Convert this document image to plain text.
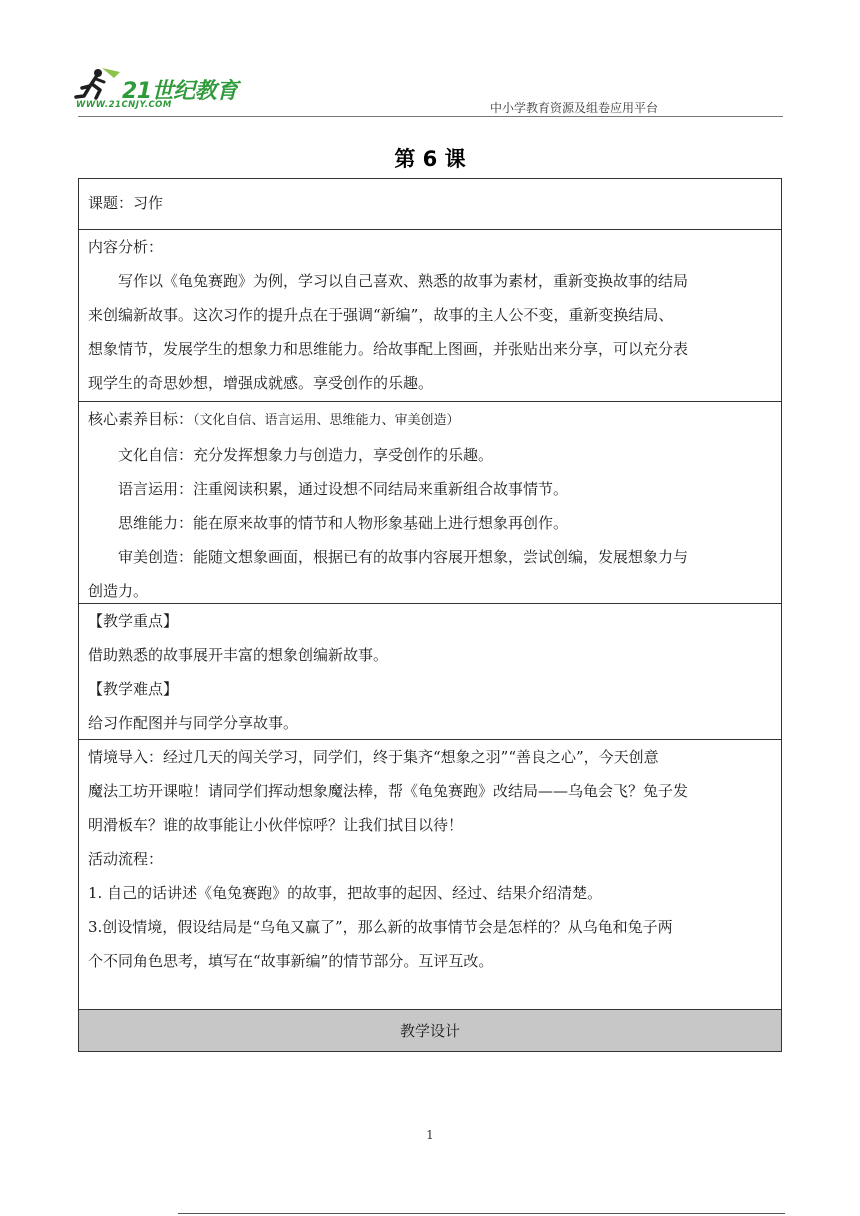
21世纪教育
WWW.21CNJY.COM	中小学教育资源及组卷应用平台
第 6 课
课题：习作
内容分析：
写作以《龟兔赛跑》为例，学习以自己喜欢、熟悉的故事为素材，重新变换故事的结局
来创编新故事。这次习作的提升点在于强调“新编”，故事的主人公不变，重新变换结局、
想象情节，发展学生的想象力和思维能力。给故事配上图画，并张贴出来分享，可以充分表
现学生的奇思妙想，增强成就感。享受创作的乐趣。
核心素养目标：（文化自信、语言运用、思维能力、审美创造）
文化自信：充分发挥想象力与创造力，享受创作的乐趣。
语言运用：注重阅读积累，通过设想不同结局来重新组合故事情节。
思维能力：能在原来故事的情节和人物形象基础上进行想象再创作。
审美创造：能随文想象画面，根据已有的故事内容展开想象，尝试创编，发展想象力与
创造力。
【教学重点】
借助熟悉的故事展开丰富的想象创编新故事。
【教学难点】
给习作配图并与同学分享故事。
情境导入：经过几天的闯关学习，同学们，终于集齐“想象之羽”“善良之心”，今天创意
魔法工坊开课啦！请同学们挥动想象魔法棒，帮《龟兔赛跑》改结局——乌龟会飞？兔子发
明滑板车？谁的故事能让小伙伴惊呼？让我们拭目以待！
活动流程：
1. 自己的话讲述《龟兔赛跑》的故事，把故事的起因、经过、结果介绍清楚。
3.创设情境，假设结局是“乌龟又赢了”，那么新的故事情节会是怎样的？从乌龟和兔子两
个不同角色思考，填写在“故事新编”的情节部分。互评互改。
教学设计
1
